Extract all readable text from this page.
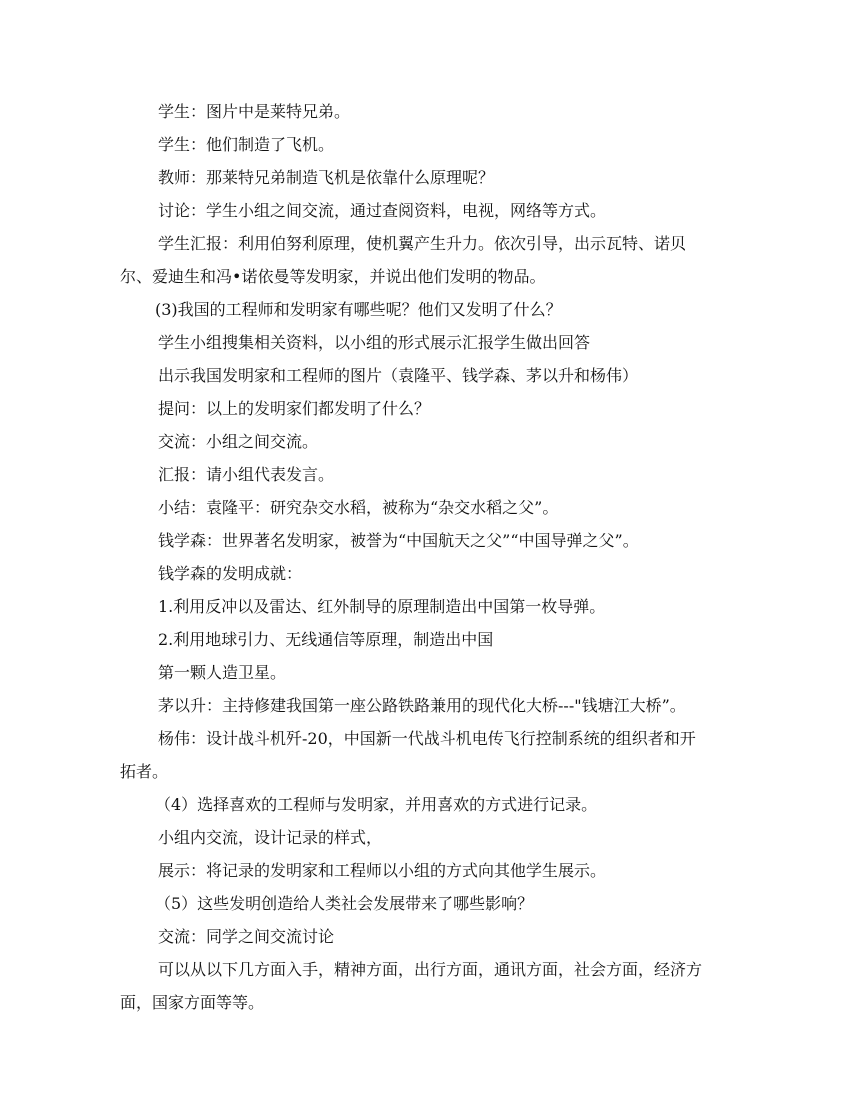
学生：图片中是莱特兄弟。
学生：他们制造了飞机。
教师：那莱特兄弟制造飞机是依靠什么原理呢？
讨论：学生小组之间交流，通过查阅资料，电视，网络等方式。
学生汇报：利用伯努利原理，使机翼产生升力。依次引导，出示瓦特、诺贝
尔、爱迪生和冯•诺依曼等发明家，并说出他们发明的物品。
(3)我国的工程师和发明家有哪些呢？他们又发明了什么？
学生小组搜集相关资料，以小组的形式展示汇报学生做出回答
出示我国发明家和工程师的图片（袁隆平、钱学森、茅以升和杨伟）
提问：以上的发明家们都发明了什么？
交流：小组之间交流。
汇报：请小组代表发言。
小结：袁隆平：研究杂交水稻，被称为“杂交水稻之父”。
钱学森：世界著名发明家，被誉为“中国航天之父”“中国导弹之父”。
钱学森的发明成就：
1.利用反冲以及雷达、红外制导的原理制造出中国第一枚导弹。
2.利用地球引力、无线通信等原理，制造出中国
第一颗人造卫星。
茅以升：主持修建我国第一座公路铁路兼用的现代化大桥---"钱塘江大桥”。
杨伟：设计战斗机歼-20，中国新一代战斗机电传飞行控制系统的组织者和开
拓者。
（4）选择喜欢的工程师与发明家，并用喜欢的方式进行记录。
小组内交流，设计记录的样式，
展示：将记录的发明家和工程师以小组的方式向其他学生展示。
（5）这些发明创造给人类社会发展带来了哪些影响？
交流：同学之间交流讨论
可以从以下几方面入手，精神方面，出行方面，通讯方面，社会方面，经济方
面，国家方面等等。
